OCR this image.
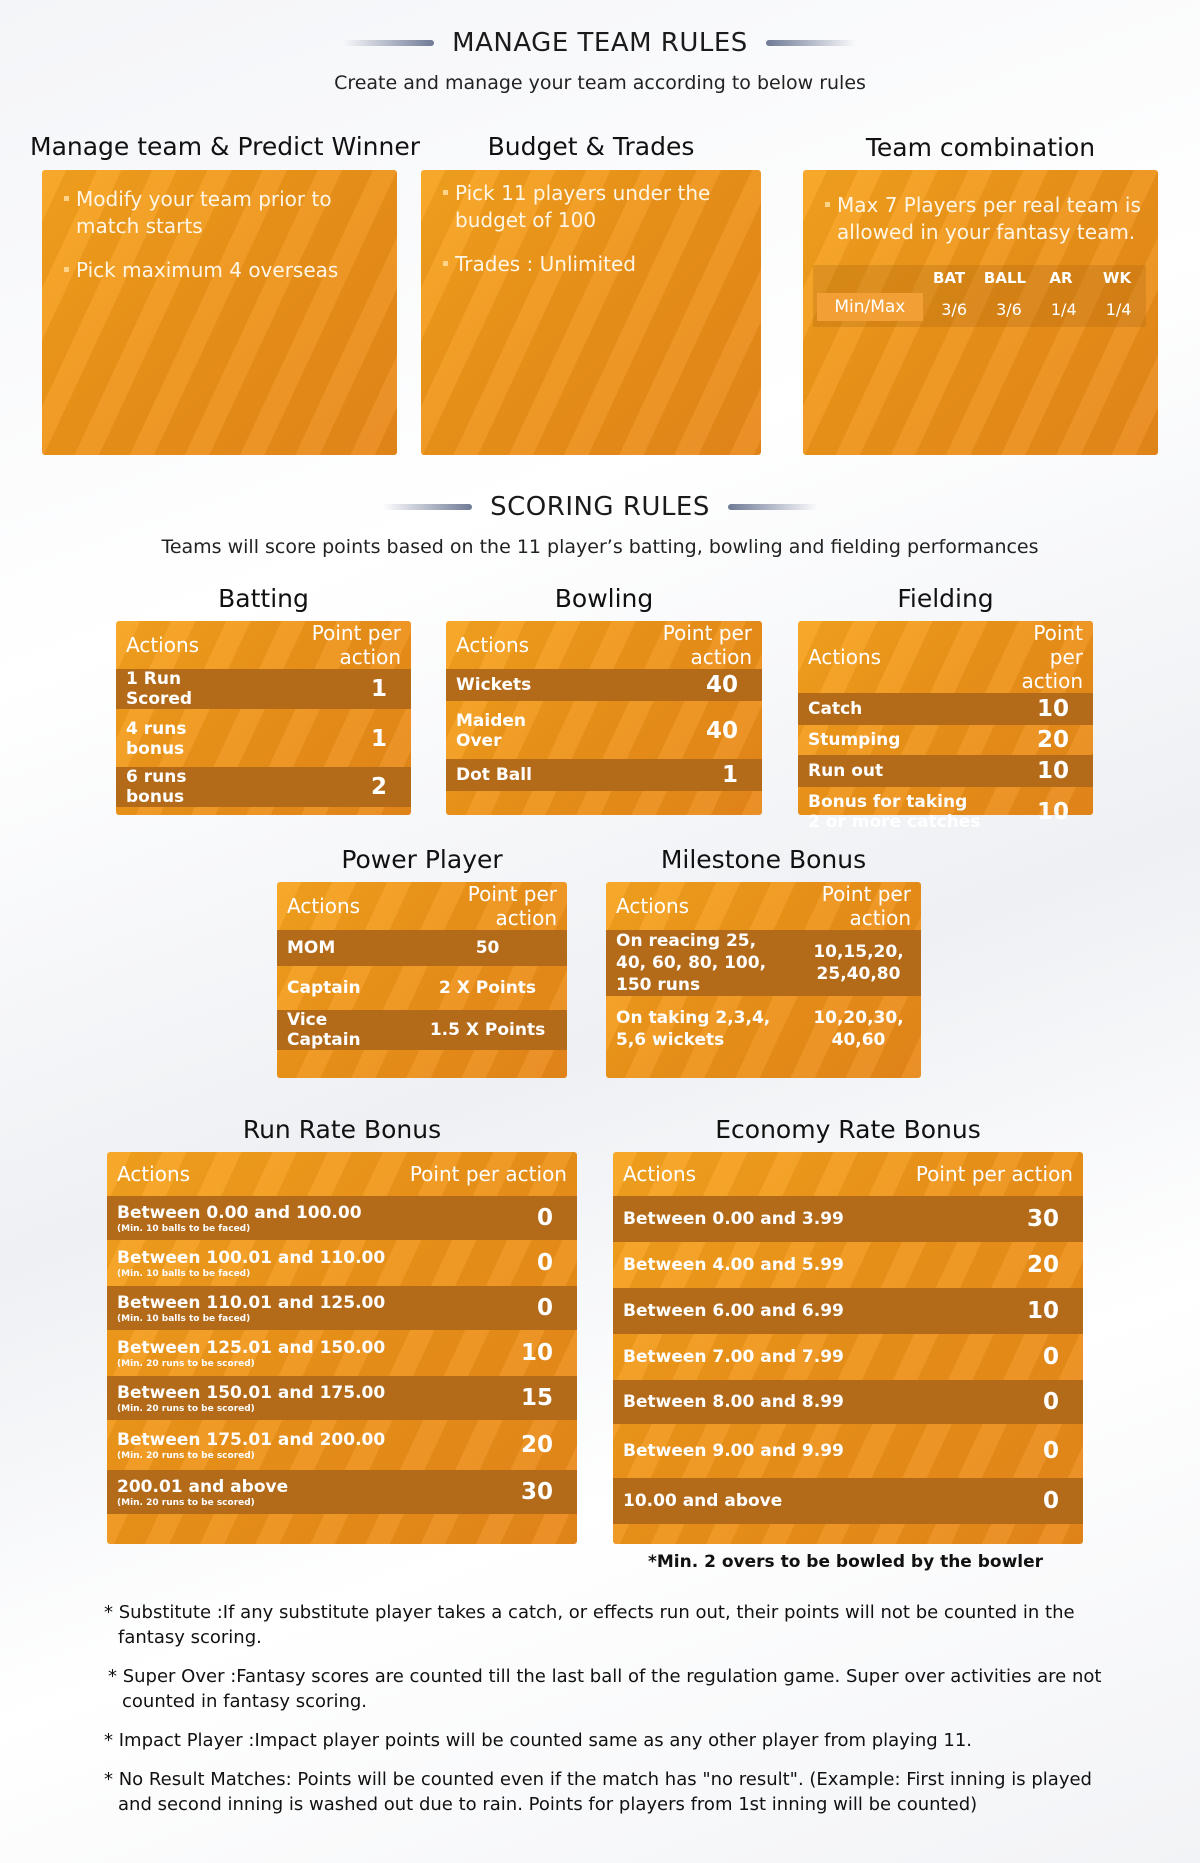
MANAGE TEAM RULES

Create and manage your team according to below rules

Manage team & Predict Winner
Modify your team prior to match starts
Pick maximum 4 overseas
Budget & Trades
Pick 11 players under the budget of 100
Trades : Unlimited
Team combination
Max 7 Players per real team is allowed in your fantasy team.
BAT	BALL	AR	WK
Min/Max	3/6	3/6	1/4	1/4
SCORING RULES

Teams will score points based on the 11 player’s batting, bowling and fielding performances

Batting
Actions	Point per action
1 Run Scored	1

4 runs bonus	1

6 runs bonus	2
Bowling
Actions	Point per action
Wickets	40

Maiden Over	40

Dot Ball	1
Fielding
Actions	Point per action
Catch	10
Stumping	20
Run out	10
Bonus for taking 2 or more catches	10
Power Player
Actions	Point per action
MOM	50
Captain	2 X Points
Vice Captain	1.5 X Points
Milestone Bonus
Actions	Point per action
On reacing 25, 40, 60, 80, 100, 150 runs	10,15,20, 25,40,80
On taking 2,3,4, 5,6 wickets	10,20,30, 40,60
Run Rate Bonus
Actions	Point per action
Between 0.00 and 100.00
(Min. 10 balls to be faced)	0
Between 100.01 and 110.00
(Min. 10 balls to be faced)	0
Between 110.01 and 125.00
(Min. 10 balls to be faced)	0
Between 125.01 and 150.00
(Min. 20 runs to be scored)	10
Between 150.01 and 175.00
(Min. 20 runs to be scored)	15
Between 175.01 and 200.00
(Min. 20 runs to be scored)	20
200.01 and above
(Min. 20 runs to be scored)	30
Economy Rate Bonus
Actions	Point per action
Between 0.00 and 3.99	30
Between 4.00 and 5.99	20
Between 6.00 and 6.99	10
Between 7.00 and 7.99	0
Between 8.00 and 8.99	0
Between 9.00 and 9.99	0
10.00 and above	0
*Min. 2 overs to be bowled by the bowler

* Substitute :If any substitute player takes a catch, or effects run out, their points will not be counted in the fantasy scoring.

* Super Over :Fantasy scores are counted till the last ball of the regulation game. Super over activities are not counted in fantasy scoring.

* Impact Player :Impact player points will be counted same as any other player from playing 11.

* No Result Matches: Points will be counted even if the match has "no result". (Example: First inning is played and second inning is washed out due to rain. Points for players from 1st inning will be counted)
